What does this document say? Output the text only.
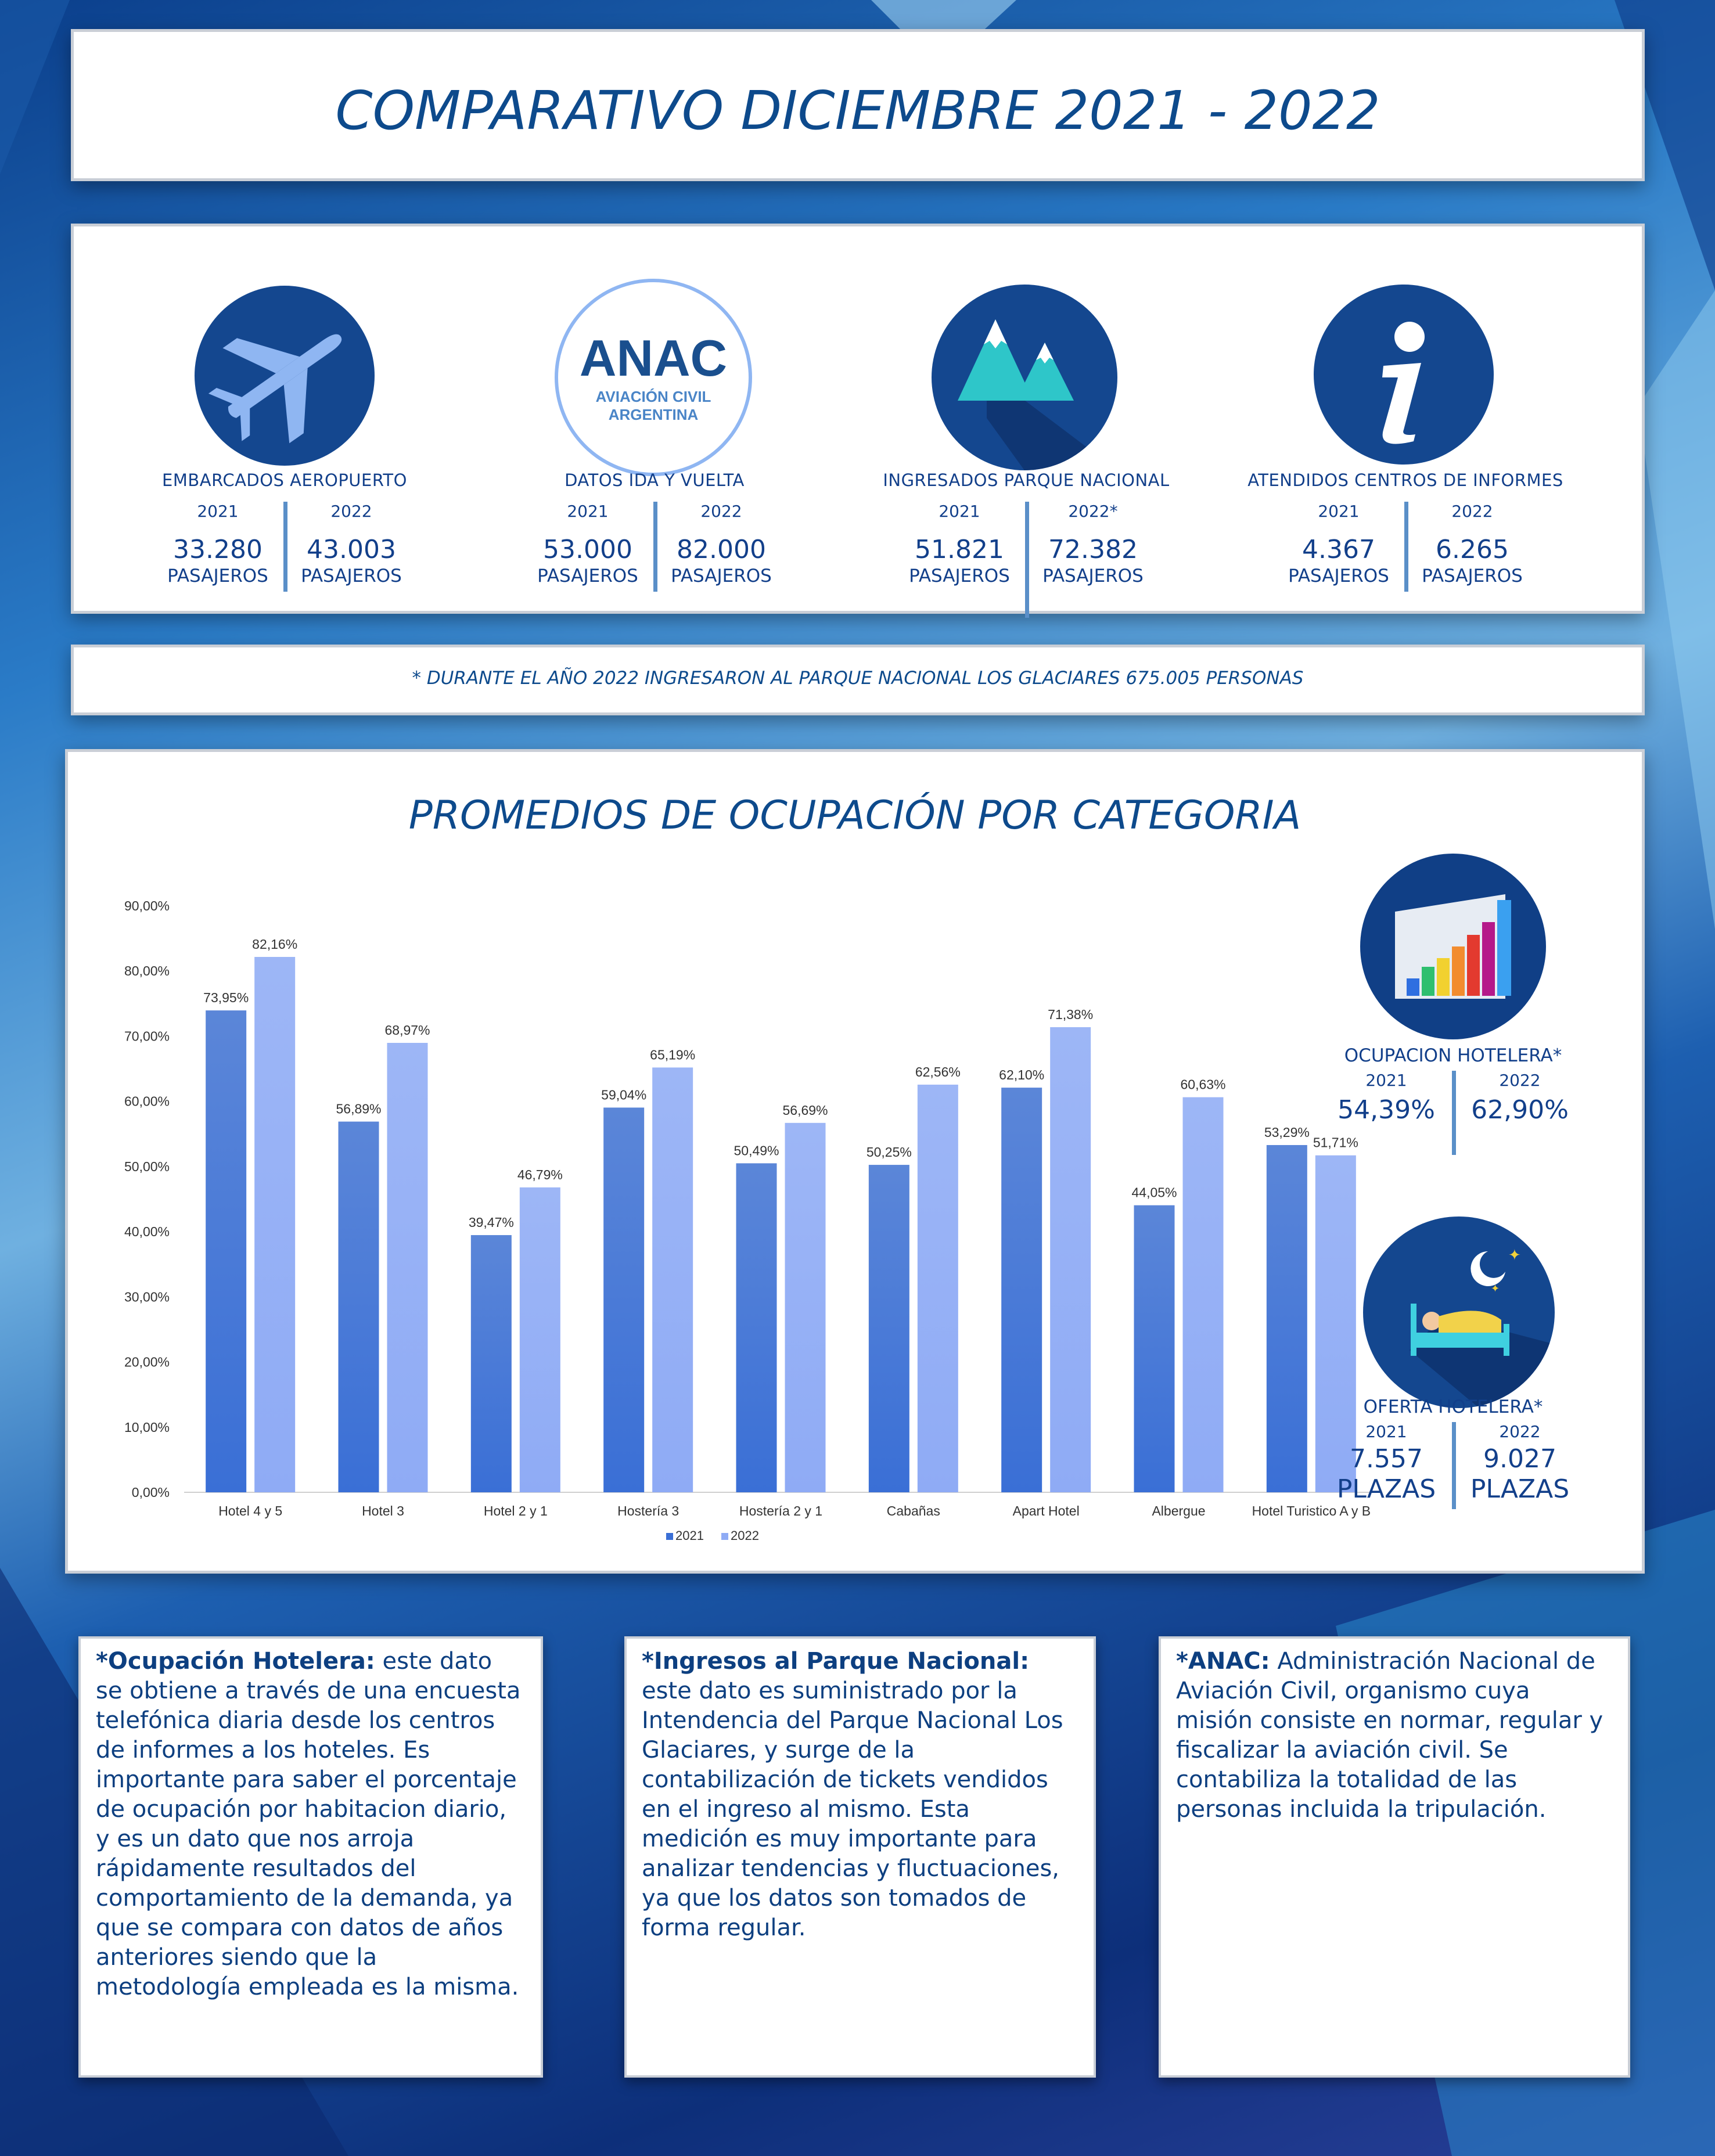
COMPARATIVO DICIEMBRE 2021 - 2022
EMBARCADOS AEROPUERTO
2021
33.280
PASAJEROS
2022
43.003
PASAJEROS
ANAC
AVIACIÓN CIVIL
ARGENTINA
DATOS IDA Y VUELTA
2021
53.000
PASAJEROS
2022
82.000
PASAJEROS
INGRESADOS PARQUE NACIONAL
2021
51.821
PASAJEROS
2022*
72.382
PASAJEROS
ATENDIDOS CENTROS DE INFORMES
2021
4.367
PASAJEROS
2022
6.265
PASAJEROS
* DURANTE EL AÑO 2022 INGRESARON AL PARQUE NACIONAL LOS GLACIARES 675.005 PERSONAS
PROMEDIOS DE OCUPACIÓN POR CATEGORIA
0,00%
10,00%
20,00%
30,00%
40,00%
50,00%
60,00%
70,00%
80,00%
90,00%
73,95%
82,16%
Hotel 4 y 5
56,89%
68,97%
Hotel 3
39,47%
46,79%
Hotel 2 y 1
59,04%
65,19%
Hostería 3
50,49%
56,69%
Hostería 2 y 1
50,25%
62,56%
Cabañas
62,10%
71,38%
Apart Hotel
44,05%
60,63%
Albergue
53,29%
51,71%
Hotel Turistico A y B
2021 2022
OCUPACION HOTELERA*
2021
54,39%
2022
62,90%
✦
✦
OFERTA HOTELERA*
2021
7.557
PLAZAS
2022
9.027
PLAZAS
*Ocupación Hotelera: este dato se obtiene a través de una encuesta telefónica diaria desde los centros de informes a los hoteles. Es importante para saber el porcentaje de ocupación por habitacion diario, y es un dato que nos arroja rápidamente resultados del comportamiento de la demanda, ya que se compara con datos de años anteriores siendo que la metodología empleada es la misma.
*Ingresos al Parque Nacional: este dato es suministrado por la Intendencia del Parque Nacional Los Glaciares, y surge de la contabilización de tickets vendidos en el ingreso al mismo. Esta medición es muy importante para analizar tendencias y fluctuaciones, ya que los datos son tomados de forma regular.
*ANAC: Administración Nacional de Aviación Civil, organismo cuya misión consiste en normar, regular y fiscalizar la aviación civil. Se contabiliza la totalidad de las personas incluida la tripulación.
